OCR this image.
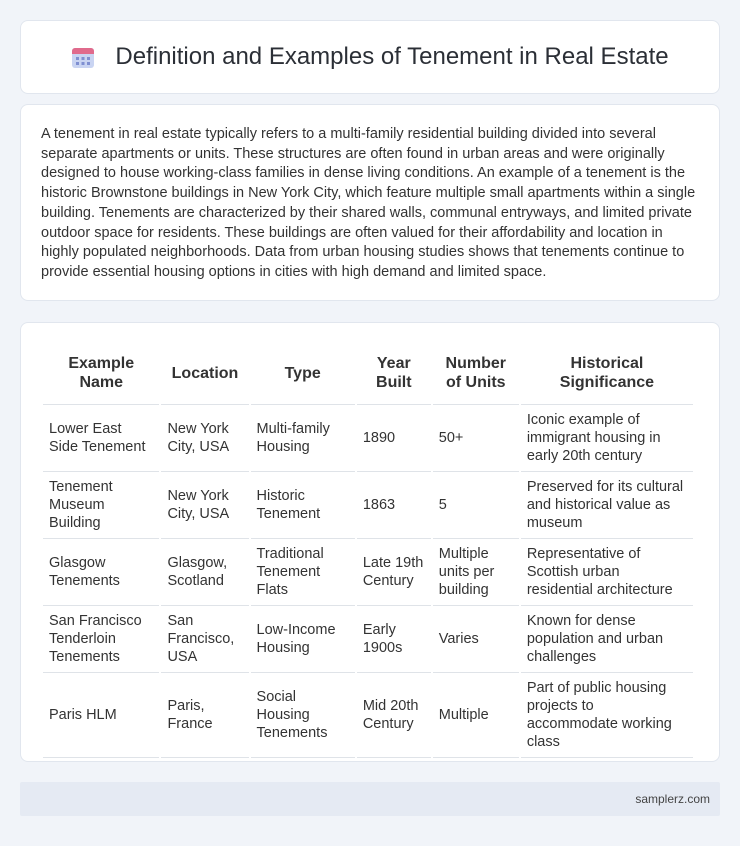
Definition and Examples of Tenement in Real Estate

A tenement in real estate typically refers to a multi-family residential building divided into several separate apartments or units. These structures are often found in urban areas and were originally designed to house working-class families in dense living conditions. An example of a tenement is the historic Brownstone buildings in New York City, which feature multiple small apartments within a single building. Tenements are characterized by their shared walls, communal entryways, and limited private outdoor space for residents. These buildings are often valued for their affordability and location in highly populated neighborhoods. Data from urban housing studies shows that tenements continue to provide essential housing options in cities with high demand and limited space.

Example Name	Location	Type	Year Built	Number of Units	Historical Significance
Lower East Side Tenement	New York City, USA	Multi-family Housing	1890	50+	Iconic example of immigrant housing in early 20th century
Tenement Museum Building	New York City, USA	Historic Tenement	1863	5	Preserved for its cultural and historical value as museum
Glasgow Tenements	Glasgow, Scotland	Traditional Tenement Flats	Late 19th Century	Multiple units per building	Representative of Scottish urban residential architecture
San Francisco Tenderloin Tenements	San Francisco, USA	Low-Income Housing	Early 1900s	Varies	Known for dense population and urban challenges
Paris HLM	Paris, France	Social Housing Tenements	Mid 20th Century	Multiple	Part of public housing projects to accommodate working class
samplerz.com
